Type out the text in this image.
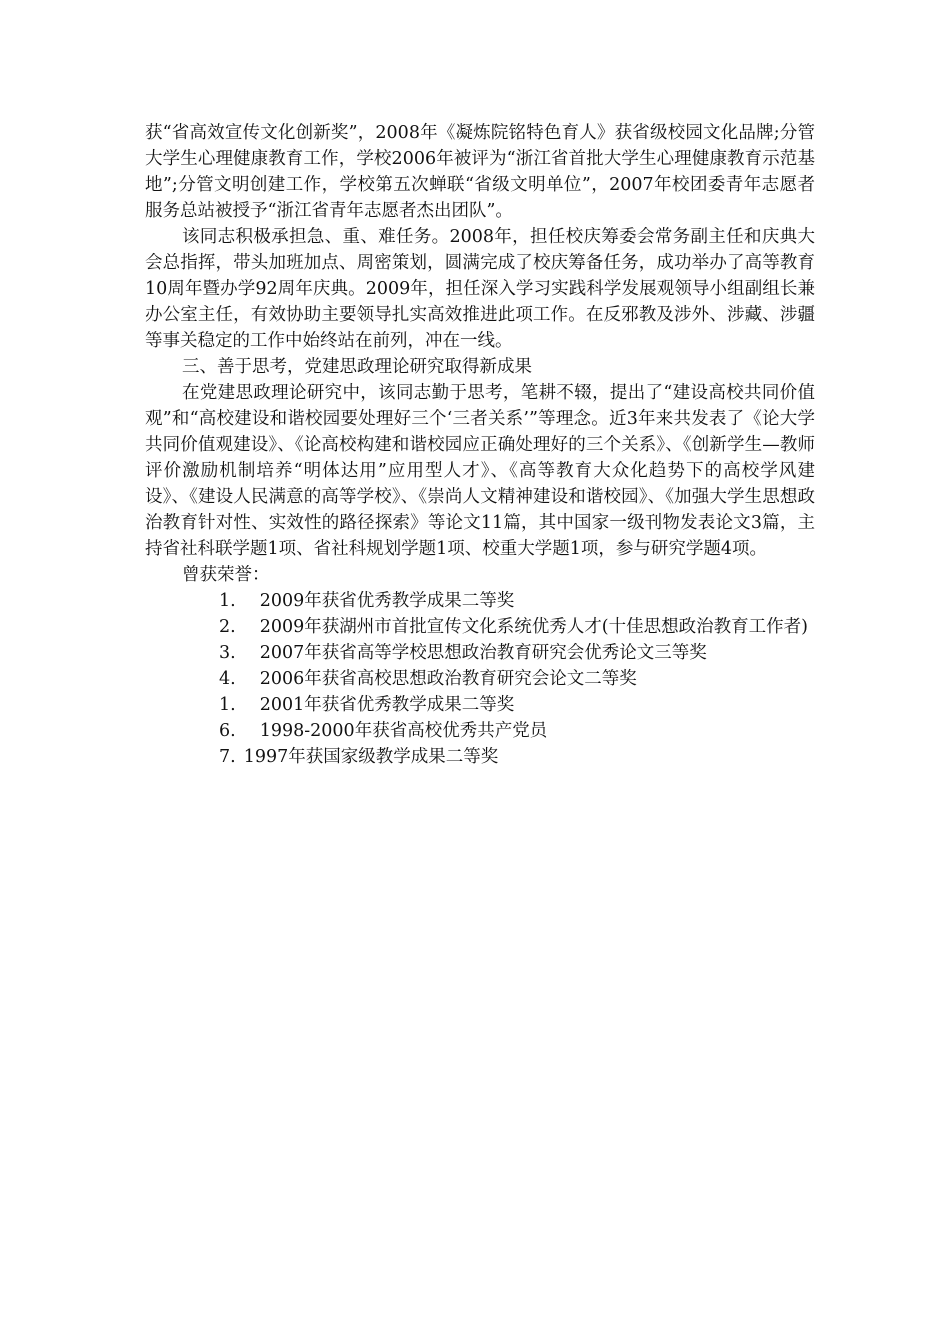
获“省高效宣传文化创新奖”，2008年《凝炼院铭特色育人》获省级校园文化品牌;分管大学生心理健康教育工作，学校2006年被评为“浙江省首批大学生心理健康教育示范基地”;分管文明创建工作，学校第五次蝉联“省级文明单位”，2007年校团委青年志愿者服务总站被授予“浙江省青年志愿者杰出团队”。

该同志积极承担急、重、难任务。2008年，担任校庆筹委会常务副主任和庆典大会总指挥，带头加班加点、周密策划，圆满完成了校庆筹备任务，成功举办了高等教育10周年暨办学92周年庆典。2009年，担任深入学习实践科学发展观领导小组副组长兼办公室主任，有效协助主要领导扎实高效推进此项工作。在反邪教及涉外、涉藏、涉疆等事关稳定的工作中始终站在前列，冲在一线。

三、善于思考，党建思政理论研究取得新成果

在党建思政理论研究中，该同志勤于思考，笔耕不辍，提出了“建设高校共同价值观”和“高校建设和谐校园要处理好三个‘三者关系’”等理念。近3年来共发表了《论大学共同价值观建设》、《论高校构建和谐校园应正确处理好的三个关系》、《创新学生—教师评价激励机制培养“明体达用”应用型人才》、《高等教育大众化趋势下的高校学风建设》、《建设人民满意的高等学校》、《崇尚人文精神建设和谐校园》、《加强大学生思想政治教育针对性、实效性的路径探索》等论文11篇，其中国家一级刊物发表论文3篇，主持省社科联学题1项、省社科规划学题1项、校重大学题1项，参与研究学题4项。

曾获荣誉：

1. 2009年获省优秀教学成果二等奖
2. 2009年获湖州市首批宣传文化系统优秀人才(十佳思想政治教育工作者)
3. 2007年获省高等学校思想政治教育研究会优秀论文三等奖
4. 2006年获省高校思想政治教育研究会论文二等奖
1. 2001年获省优秀教学成果二等奖
6. 1998-2000年获省高校优秀共产党员
7. 1997年获国家级教学成果二等奖
